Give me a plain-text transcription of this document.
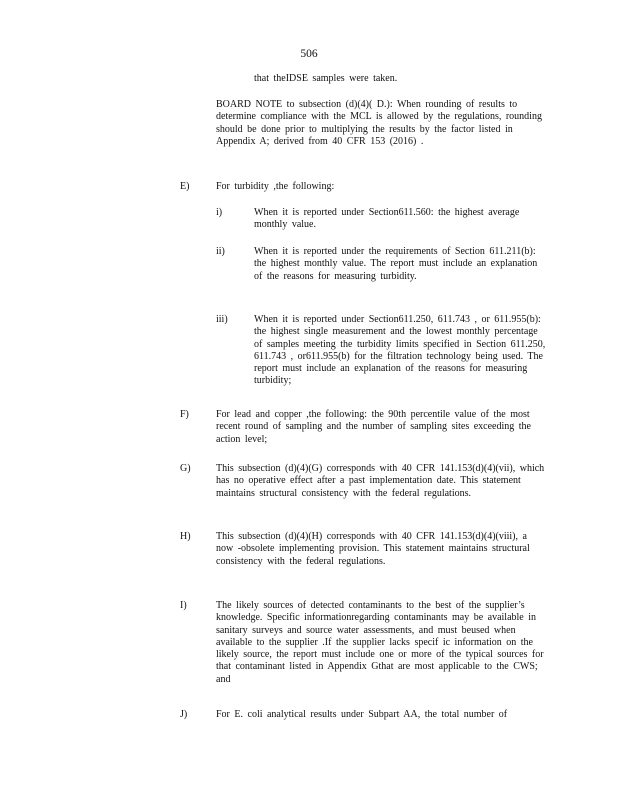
506
that theIDSE samples were taken.
BOARD NOTE to subsection (d)(4)( D.): When rounding of results to determine compliance with the MCL is allowed by the regulations, rounding should be done prior to multiplying the results by the factor listed in Appendix A; derived from 40 CFR 153 (2016) .
E)	For turbidity ,the following:
i)	When it is reported under Section611.560: the highest average monthly value.
ii)	When it is reported under the requirements of Section 611.211(b): the highest monthly value. The report must include an explanation of the reasons for measuring turbidity.
iii)	When it is reported under Section611.250, 611.743 , or 611.955(b): the highest single measurement and the lowest monthly percentage of samples meeting the turbidity limits specified in Section 611.250, 611.743 , or611.955(b) for the filtration technology being used. The report must include an explanation of the reasons for measuring turbidity;
F)	For lead and copper ,the following: the 90th percentile value of the most recent round of sampling and the number of sampling sites exceeding the action level;
G)	This subsection (d)(4)(G) corresponds with 40 CFR 141.153(d)(4)(vii), which has no operative effect after a past implementation date. This statement maintains structural consistency with the federal regulations.
H)	This subsection (d)(4)(H) corresponds with 40 CFR 141.153(d)(4)(viii), a now -obsolete implementing provision. This statement maintains structural consistency with the federal regulations.
I)	The likely sources of detected contaminants to the best of the supplier’s knowledge. Specific informationregarding contaminants may be available in sanitary surveys and source water assessments, and must beused when available to the supplier .If the supplier lacks specif ic information on the likely source, the report must include one or more of the typical sources for that contaminant listed in Appendix Gthat are most applicable to the CWS; and
J)	For E. coli analytical results under Subpart AA, the total number of
